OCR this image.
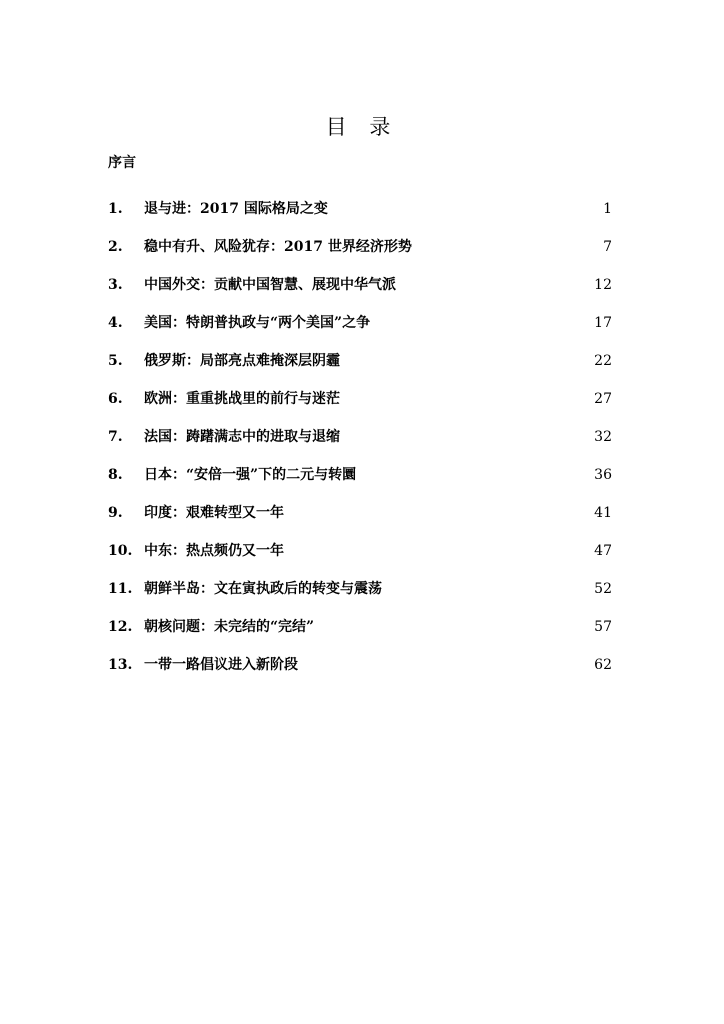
目 录
序言
1.	退与进：2017 国际格局之变	1
2.	稳中有升、风险犹存：2017 世界经济形势	7
3.	中国外交：贡献中国智慧、展现中华气派	12
4.	美国：特朗普执政与“两个美国”之争	17
5.	俄罗斯：局部亮点难掩深层阴霾	22
6.	欧洲：重重挑战里的前行与迷茫	27
7.	法国：踌躇满志中的进取与退缩	32
8.	日本：“安倍一强”下的二元与转圜	36
9.	印度：艰难转型又一年	41
10. 中东：热点频仍又一年	47
11. 朝鲜半岛：文在寅执政后的转变与震荡	52
12. 朝核问题：未完结的“完结”	57
13. 一带一路倡议进入新阶段	62
